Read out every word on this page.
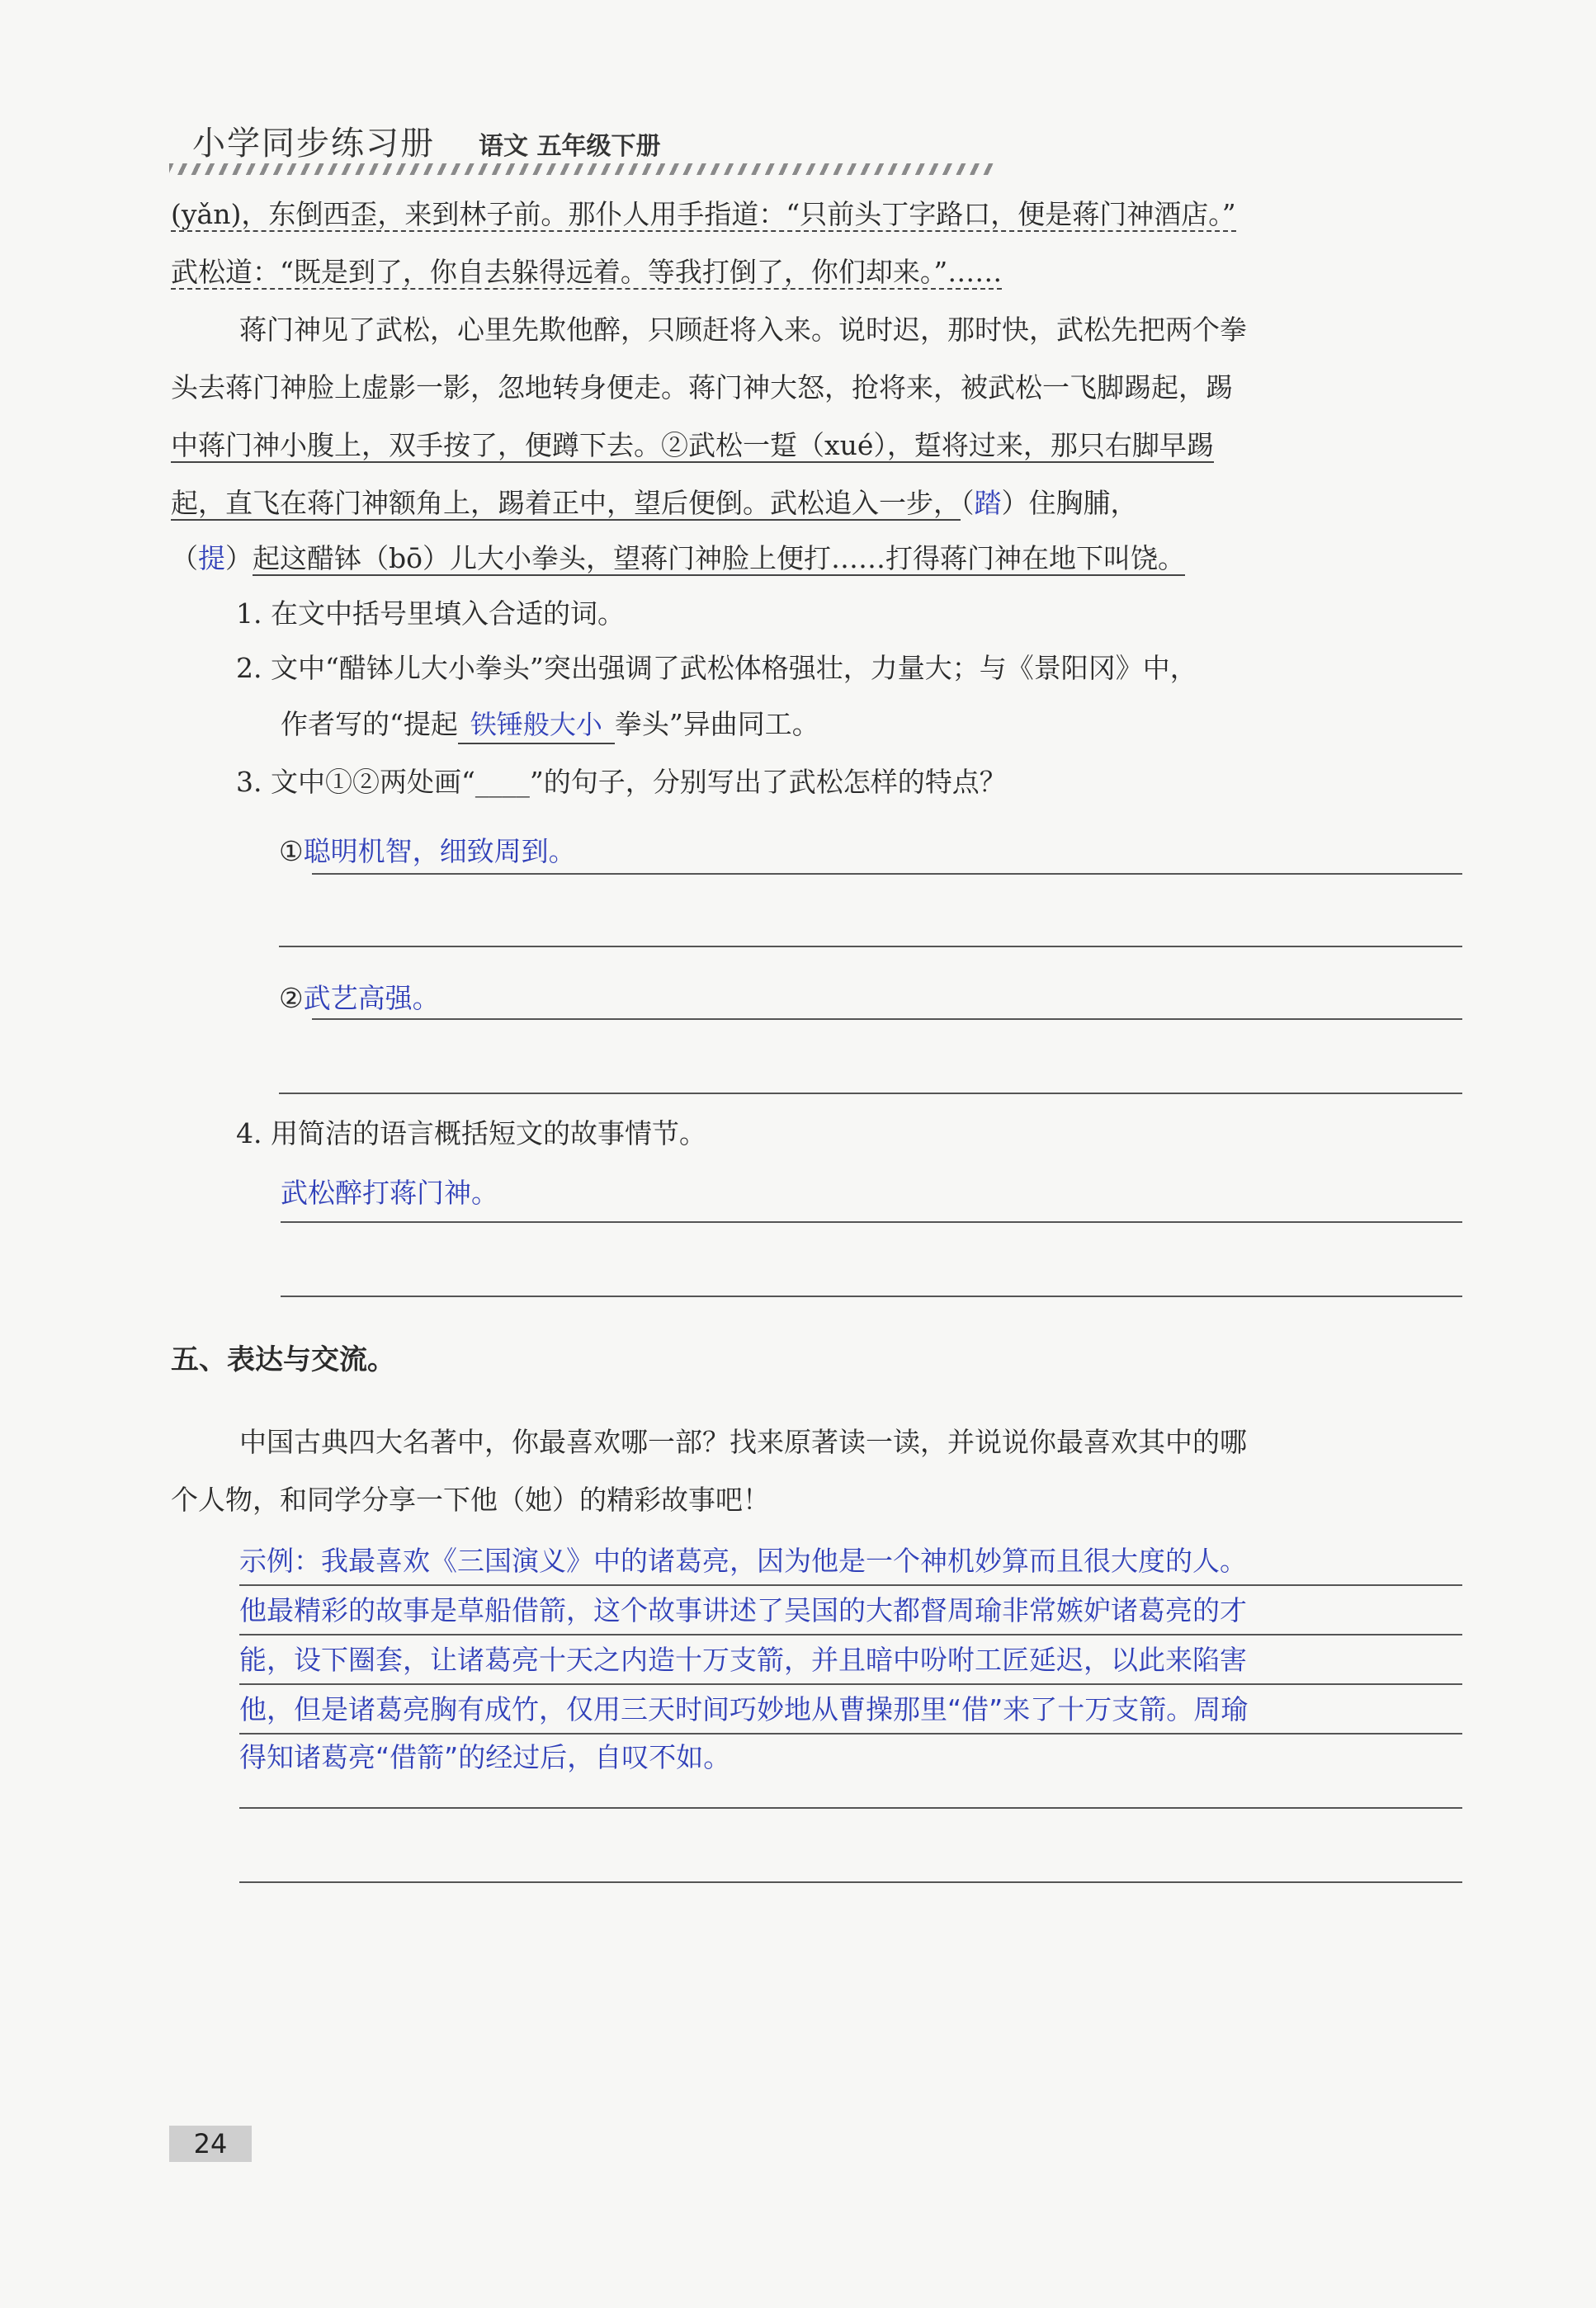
小学同步练习册 语文 五年级下册
(yǎn)，东倒西歪，来到林子前。那仆人用手指道：“只前头丁字路口，便是蒋门神酒店。”
武松道：“既是到了，你自去躲得远着。等我打倒了，你们却来。”……
蒋门神见了武松，心里先欺他醉，只顾赶将入来。说时迟，那时快，武松先把两个拳
头去蒋门神脸上虚影一影，忽地转身便走。蒋门神大怒，抢将来，被武松一飞脚踢起，踢
中蒋门神小腹上，双手按了，便蹲下去。②武松一踅（xué），踅将过来，那只右脚早踢
起，直飞在蒋门神额角上，踢着正中，望后便倒。武松追入一步，（踏）住胸脯，
（提）起这醋钵（bō）儿大小拳头，望蒋门神脸上便打……打得蒋门神在地下叫饶。
1. 在文中括号里填入合适的词。
2. 文中“醋钵儿大小拳头”突出强调了武松体格强壮，力量大；与《景阳冈》中，
作者写的“提起 铁锤般大小 拳头”异曲同工。
3. 文中①②两处画“____”的句子，分别写出了武松怎样的特点？
①聪明机智，细致周到。
②武艺高强。
4. 用简洁的语言概括短文的故事情节。
武松醉打蒋门神。
五、表达与交流。
中国古典四大名著中，你最喜欢哪一部？找来原著读一读，并说说你最喜欢其中的哪
个人物，和同学分享一下他（她）的精彩故事吧！
示例：我最喜欢《三国演义》中的诸葛亮，因为他是一个神机妙算而且很大度的人。
他最精彩的故事是草船借箭，这个故事讲述了吴国的大都督周瑜非常嫉妒诸葛亮的才
能，设下圈套，让诸葛亮十天之内造十万支箭，并且暗中吩咐工匠延迟，以此来陷害
他，但是诸葛亮胸有成竹，仅用三天时间巧妙地从曹操那里“借”来了十万支箭。周瑜
得知诸葛亮“借箭”的经过后，自叹不如。
24
